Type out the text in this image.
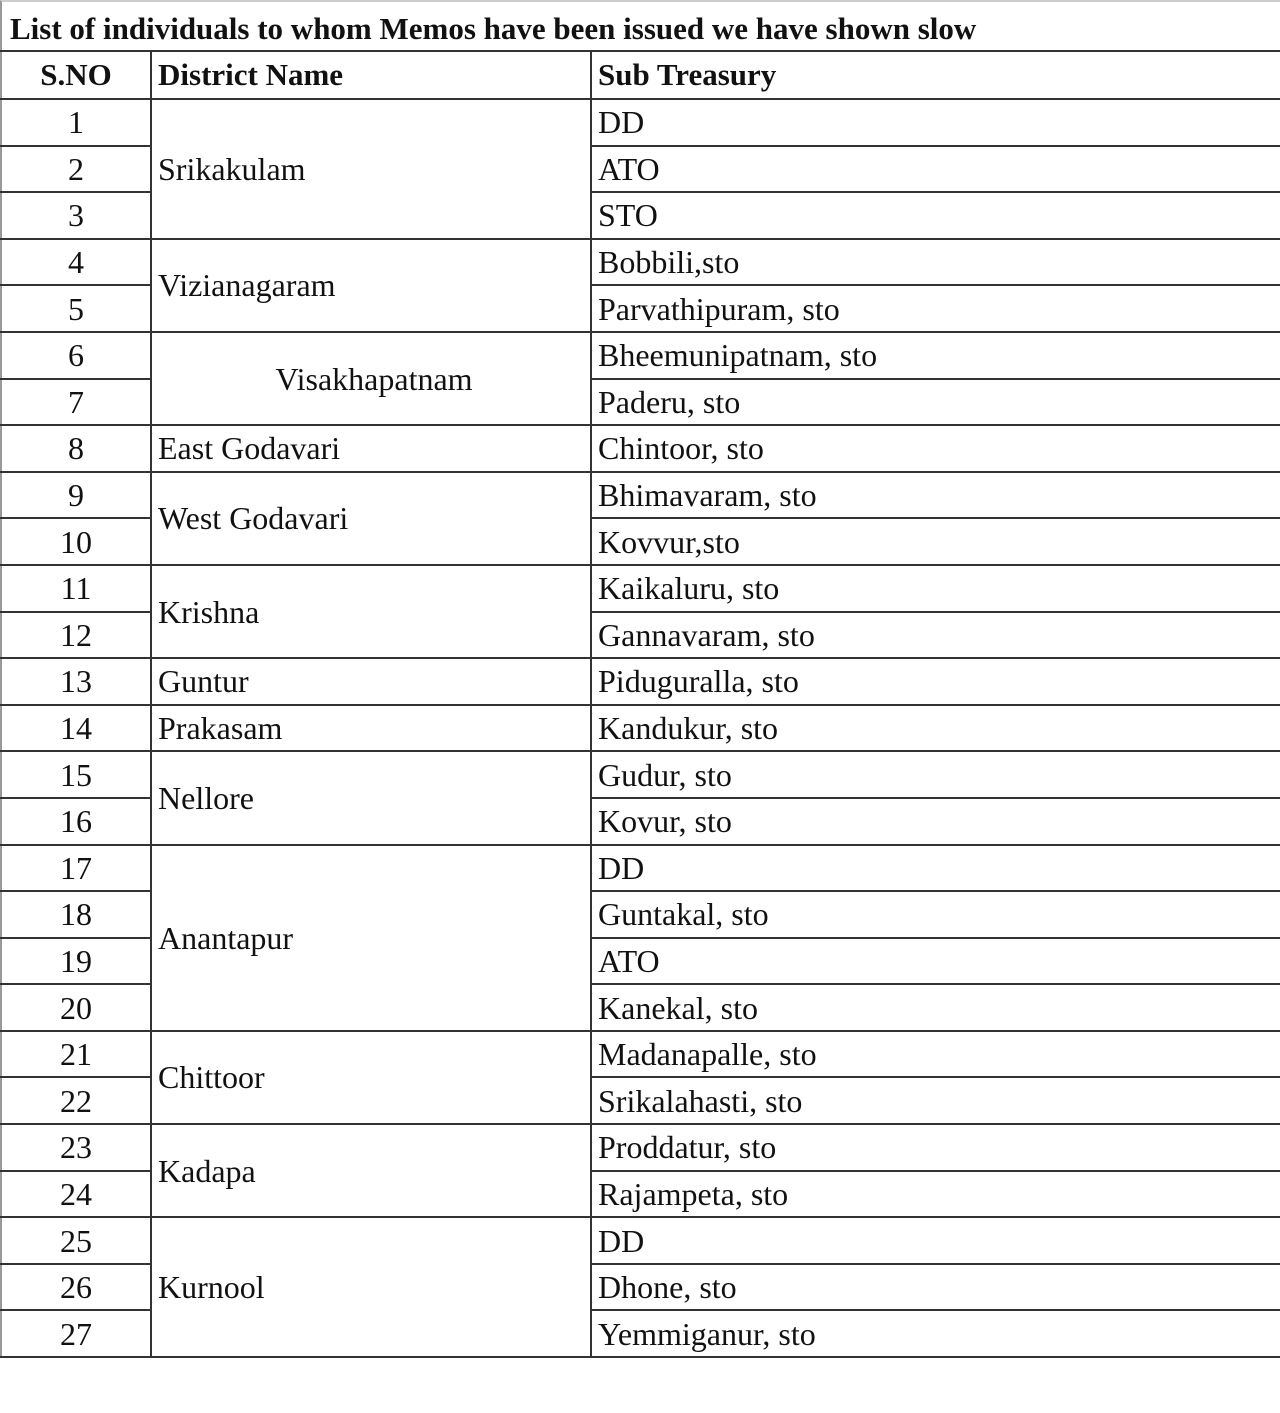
List of individuals to whom Memos have been issued we have shown slow
S.NO	District Name	Sub Treasury
1	Srikakulam	DD
2		ATO
3		STO
4	Vizianagaram	Bobbili,sto
5		Parvathipuram, sto
6	Visakhapatnam	Bheemunipatnam, sto
7		Paderu, sto
8	East Godavari	Chintoor, sto
9	West Godavari	Bhimavaram, sto
10		Kovvur,sto
11	Krishna	Kaikaluru, sto
12		Gannavaram, sto
13	Guntur	Piduguralla, sto
14	Prakasam	Kandukur, sto
15	Nellore	Gudur, sto
16		Kovur, sto
17	Anantapur	DD
18		Guntakal, sto
19		ATO
20		Kanekal, sto
21	Chittoor	Madanapalle, sto
22		Srikalahasti, sto
23	Kadapa	Proddatur, sto
24		Rajampeta, sto
25	Kurnool	DD
26		Dhone, sto
27		Yemmiganur, sto
